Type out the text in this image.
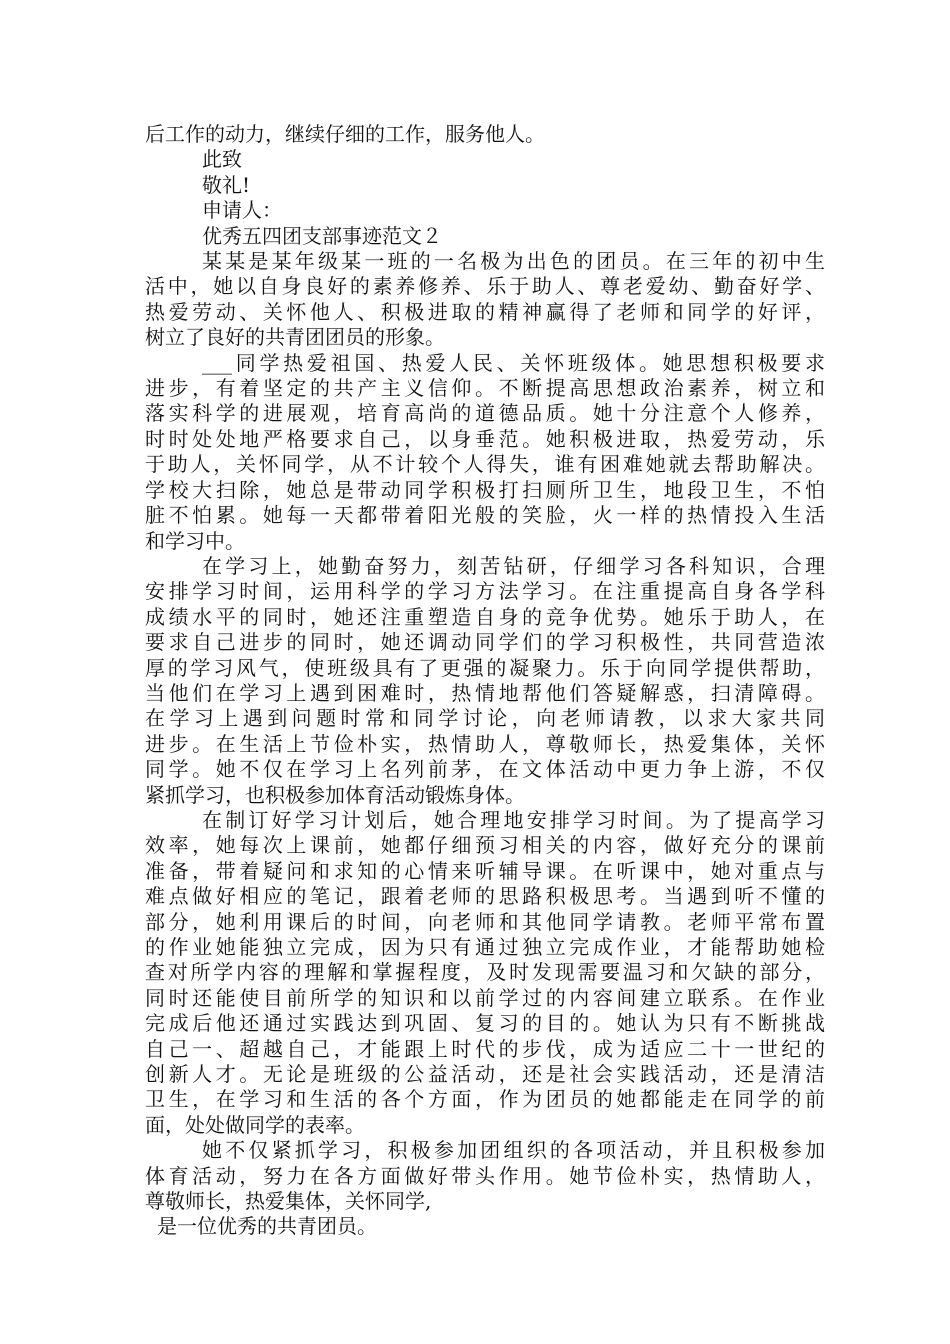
后工作的动力，继续仔细的工作，服务他人。
此致
敬礼!
申请人：
优秀五四团支部事迹范文２
某某是某年级某一班的一名极为出色的团员。在三年的初中生
活中，她以自身良好的素养修养、乐于助人、尊老爱幼、勤奋好学、
热爱劳动、关怀他人、积极进取的精神赢得了老师和同学的好评，
树立了良好的共青团团员的形象。
___同学热爱祖国、热爱人民、关怀班级体。她思想积极要求
进步，有着坚定的共产主义信仰。不断提高思想政治素养，树立和
落实科学的进展观，培育高尚的道德品质。她十分注意个人修养，
时时处处地严格要求自己，以身垂范。她积极进取，热爱劳动，乐
于助人，关怀同学，从不计较个人得失，谁有困难她就去帮助解决。
学校大扫除，她总是带动同学积极打扫厕所卫生，地段卫生，不怕
脏不怕累。她每一天都带着阳光般的笑脸，火一样的热情投入生活
和学习中。
在学习上，她勤奋努力，刻苦钻研，仔细学习各科知识，合理
安排学习时间，运用科学的学习方法学习。在注重提高自身各学科
成绩水平的同时，她还注重塑造自身的竞争优势。她乐于助人，在
要求自己进步的同时，她还调动同学们的学习积极性，共同营造浓
厚的学习风气，使班级具有了更强的凝聚力。乐于向同学提供帮助，
当他们在学习上遇到困难时，热情地帮他们答疑解惑，扫清障碍。
在学习上遇到问题时常和同学讨论，向老师请教，以求大家共同
进步。在生活上节俭朴实，热情助人，尊敬师长，热爱集体，关怀
同学。她不仅在学习上名列前茅，在文体活动中更力争上游，不仅
紧抓学习，也积极参加体育活动锻炼身体。
在制订好学习计划后，她合理地安排学习时间。为了提高学习
效率，她每次上课前，她都仔细预习相关的内容，做好充分的课前
准备，带着疑问和求知的心情来听辅导课。在听课中，她对重点与
难点做好相应的笔记，跟着老师的思路积极思考。当遇到听不懂的
部分，她利用课后的时间，向老师和其他同学请教。老师平常布置
的作业她能独立完成，因为只有通过独立完成作业，才能帮助她检
查对所学内容的理解和掌握程度，及时发现需要温习和欠缺的部分，
同时还能使目前所学的知识和以前学过的内容间建立联系。在作业
完成后他还通过实践达到巩固、复习的目的。她认为只有不断挑战
自己一、超越自己，才能跟上时代的步伐，成为适应二十一世纪的
创新人才。无论是班级的公益活动，还是社会实践活动，还是清洁
卫生，在学习和生活的各个方面，作为团员的她都能走在同学的前
面，处处做同学的表率。
她不仅紧抓学习，积极参加团组织的各项活动，并且积极参加
体育活动，努力在各方面做好带头作用。她节俭朴实，热情助人，
尊敬师长，热爱集体，关怀同学,
是一位优秀的共青团员。
